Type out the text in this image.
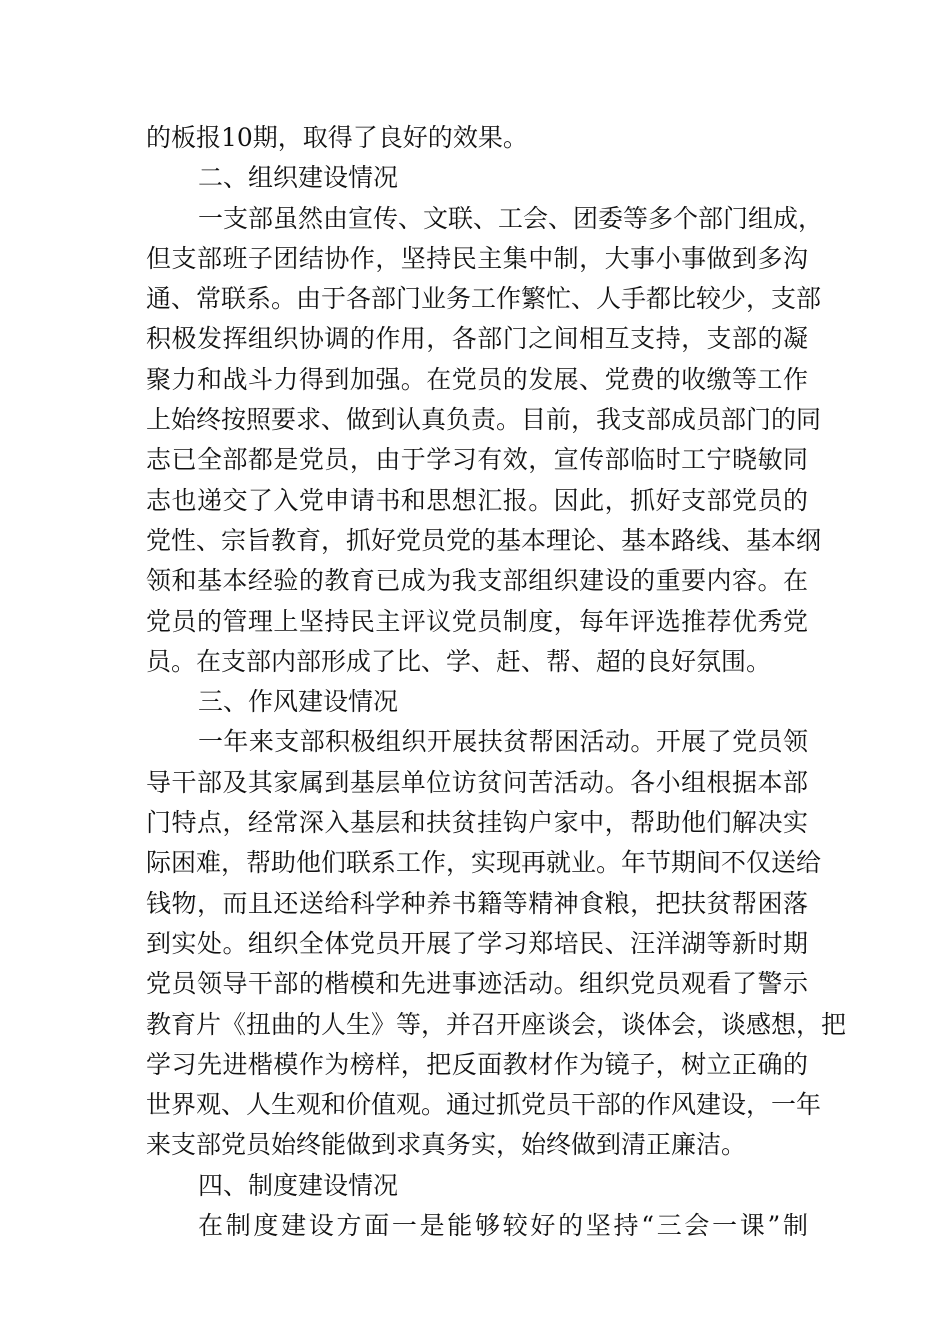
的板报10期，取得了良好的效果。
二、组织建设情况
一支部虽然由宣传、文联、工会、团委等多个部门组成，
但支部班子团结协作，坚持民主集中制，大事小事做到多沟
通、常联系。由于各部门业务工作繁忙、人手都比较少，支部
积极发挥组织协调的作用，各部门之间相互支持，支部的凝
聚力和战斗力得到加强。在党员的发展、党费的收缴等工作
上始终按照要求、做到认真负责。目前，我支部成员部门的同
志已全部都是党员，由于学习有效，宣传部临时工宁晓敏同
志也递交了入党申请书和思想汇报。因此，抓好支部党员的
党性、宗旨教育，抓好党员党的基本理论、基本路线、基本纲
领和基本经验的教育已成为我支部组织建设的重要内容。在
党员的管理上坚持民主评议党员制度，每年评选推荐优秀党
员。在支部内部形成了比、学、赶、帮、超的良好氛围。
三、作风建设情况
一年来支部积极组织开展扶贫帮困活动。开展了党员领
导干部及其家属到基层单位访贫问苦活动。各小组根据本部
门特点，经常深入基层和扶贫挂钩户家中，帮助他们解决实
际困难，帮助他们联系工作，实现再就业。年节期间不仅送给
钱物，而且还送给科学种养书籍等精神食粮，把扶贫帮困落
到实处。组织全体党员开展了学习郑培民、汪洋湖等新时期
党员领导干部的楷模和先进事迹活动。组织党员观看了警示
教育片《扭曲的人生》等，并召开座谈会，谈体会，谈感想，把
学习先进楷模作为榜样，把反面教材作为镜子，树立正确的
世界观、人生观和价值观。通过抓党员干部的作风建设，一年
来支部党员始终能做到求真务实，始终做到清正廉洁。
四、制度建设情况
在制度建设方面一是能够较好的坚持“三会一课”制
